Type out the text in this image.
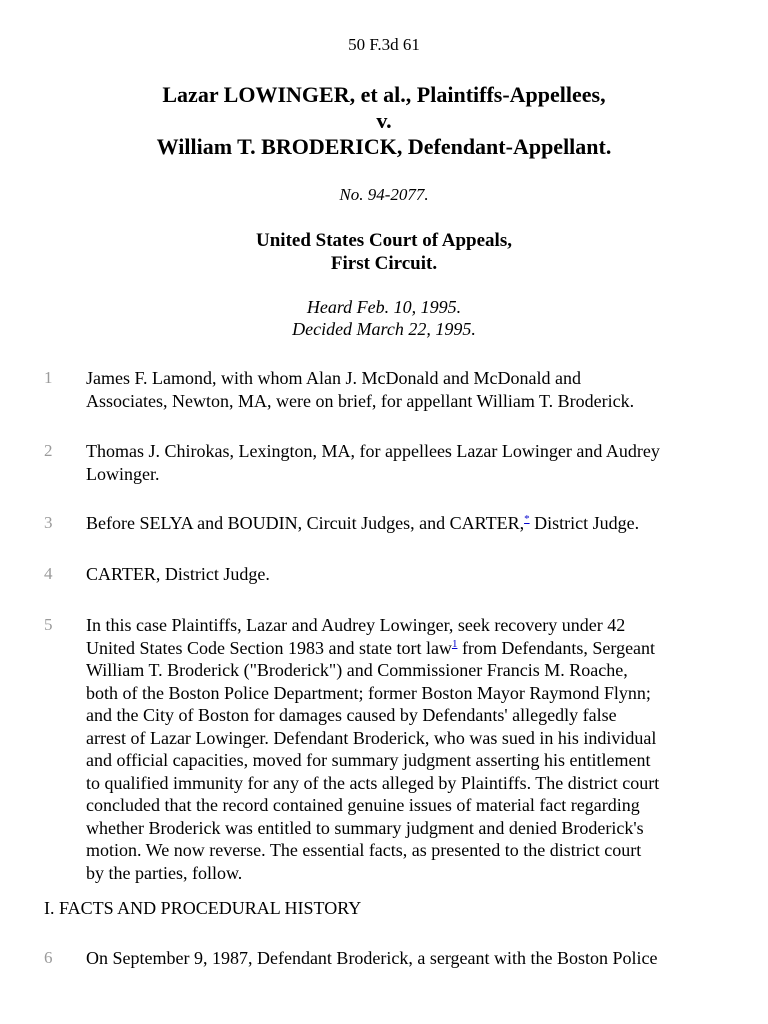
50 F.3d 61
Lazar LOWINGER, et al., Plaintiffs-Appellees,
v.
William T. BRODERICK, Defendant-Appellant.
No. 94-2077.
United States Court of Appeals,
First Circuit.
Heard Feb. 10, 1995.
Decided March 22, 1995.
1 James F. Lamond, with whom Alan J. McDonald and McDonald and
Associates, Newton, MA, were on brief, for appellant William T. Broderick.
2 Thomas J. Chirokas, Lexington, MA, for appellees Lazar Lowinger and Audrey
Lowinger.
3 Before SELYA and BOUDIN, Circuit Judges, and CARTER,* District Judge.
4 CARTER, District Judge.
5 In this case Plaintiffs, Lazar and Audrey Lowinger, seek recovery under 42
United States Code Section 1983 and state tort law$^1$ from Defendants, Sergeant
William T. Broderick ("Broderick") and Commissioner Francis M. Roache,
both of the Boston Police Department; former Boston Mayor Raymond Flynn;
and the City of Boston for damages caused by Defendants' allegedly false
arrest of Lazar Lowinger. Defendant Broderick, who was sued in his individual
and official capacities, moved for summary judgment asserting his entitlement
to qualified immunity for any of the acts alleged by Plaintiffs. The district court
concluded that the record contained genuine issues of material fact regarding
whether Broderick was entitled to summary judgment and denied Broderick's
motion. We now reverse. The essential facts, as presented to the district court
by the parties, follow.
I. FACTS AND PROCEDURAL HISTORY
6 On September 9, 1987, Defendant Broderick, a sergeant with the Boston Police
